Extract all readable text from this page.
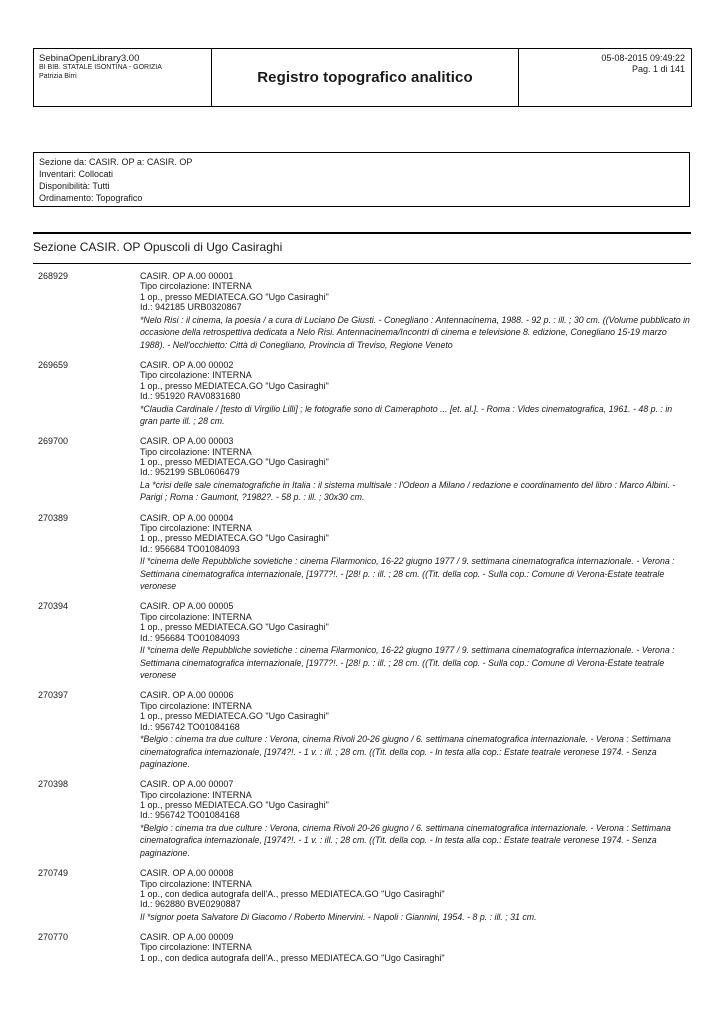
SebinaOpenLibrary3.00
BI BIB. STATALE ISONTINA - GORIZIA
Patrizia Birri	Registro topografico analitico
05-08-2015 09:49:22
Pag. 1 di 141
Sezione da: CASIR. OP a: CASIR. OP
Inventari: Collocati
Disponibilità: Tutti
Ordinamento: Topografico
Sezione CASIR. OP Opuscoli di Ugo Casiraghi
268929	CASIR. OP A.00 00001
Tipo circolazione: INTERNA
1 op., presso MEDIATECA.GO "Ugo Casiraghi"
Id.: 942185 URB0320867
*Nelo Risi : il cinema, la poesia / a cura di Luciano De Giusti. - Conegliano : Antennacinema, 1988. - 92 p. : ill. ; 30 cm. ((Volume pubblicato in occasione della retrospettiva dedicata a Nelo Risi. Antennacinema/Incontri di cinema e televisione 8. edizione, Conegliano 15-19 marzo 1988). - Nell'occhietto: Città di Conegliano, Provincia di Treviso, Regione Veneto
269659	CASIR. OP A.00 00002
Tipo circolazione: INTERNA
1 op., presso MEDIATECA.GO "Ugo Casiraghi"
Id.: 951920 RAV0831680
*Claudia Cardinale / [testo di Virgilio Lilli] ; le fotografie sono di Cameraphoto ... [et. al.]. - Roma : Vides cinematografica, 1961. - 48 p. : in gran parte ill. ; 28 cm.
269700	CASIR. OP A.00 00003
Tipo circolazione: INTERNA
1 op., presso MEDIATECA.GO "Ugo Casiraghi"
Id.: 952199 SBL0606479
La *crisi delle sale cinematografiche in Italia : il sistema multisale : l'Odeon a Milano / redazione e coordinamento del libro : Marco Albini. - Parigi ; Roma : Gaumont, ?1982?. - 58 p. : ill. ; 30x30 cm.
270389	CASIR. OP A.00 00004
Tipo circolazione: INTERNA
1 op., presso MEDIATECA.GO "Ugo Casiraghi"
Id.: 956684 TO01084093
Il *cinema delle Repubbliche sovietiche : cinema Filarmonico, 16-22 giugno 1977 / 9. settimana cinematografica internazionale. - Verona : Settimana cinematografica internazionale, [1977?!. - [28! p. : ill. ; 28 cm. ((Tit. della cop. - Sulla cop.: Comune di Verona-Estate teatrale veronese
270394	CASIR. OP A.00 00005
Tipo circolazione: INTERNA
1 op., presso MEDIATECA.GO "Ugo Casiraghi"
Id.: 956684 TO01084093
Il *cinema delle Repubbliche sovietiche : cinema Filarmonico, 16-22 giugno 1977 / 9. settimana cinematografica internazionale. - Verona : Settimana cinematografica internazionale, [1977?!. - [28! p. : ill. ; 28 cm. ((Tit. della cop. - Sulla cop.: Comune di Verona-Estate teatrale veronese
270397	CASIR. OP A.00 00006
Tipo circolazione: INTERNA
1 op., presso MEDIATECA.GO "Ugo Casiraghi"
Id.: 956742 TO01084168
*Belgio : cinema tra due culture : Verona, cinema Rivoli 20-26 giugno / 6. settimana cinematografica internazionale. - Verona : Settimana cinematografica internazionale, [1974?!. - 1 v. : ill. ; 28 cm. ((Tit. della cop. - In testa alla cop.: Estate teatrale veronese 1974. - Senza paginazione.
270398	CASIR. OP A.00 00007
Tipo circolazione: INTERNA
1 op., presso MEDIATECA.GO "Ugo Casiraghi"
Id.: 956742 TO01084168
*Belgio : cinema tra due culture : Verona, cinema Rivoli 20-26 giugno / 6. settimana cinematografica internazionale. - Verona : Settimana cinematografica internazionale, [1974?!. - 1 v. : ill. ; 28 cm. ((Tit. della cop. - In testa alla cop.: Estate teatrale veronese 1974. - Senza paginazione.
270749	CASIR. OP A.00 00008
Tipo circolazione: INTERNA
1 op., con dedica autografa dell'A., presso MEDIATECA.GO "Ugo Casiraghi"
Id.: 962880 BVE0290887
Il *signor poeta Salvatore Di Giacomo / Roberto Minervini. - Napoli : Giannini, 1954. - 8 p. : ill. ; 31 cm.
270770	CASIR. OP A.00 00009
Tipo circolazione: INTERNA
1 op., con dedica autografa dell'A., presso MEDIATECA.GO "Ugo Casiraghi"
